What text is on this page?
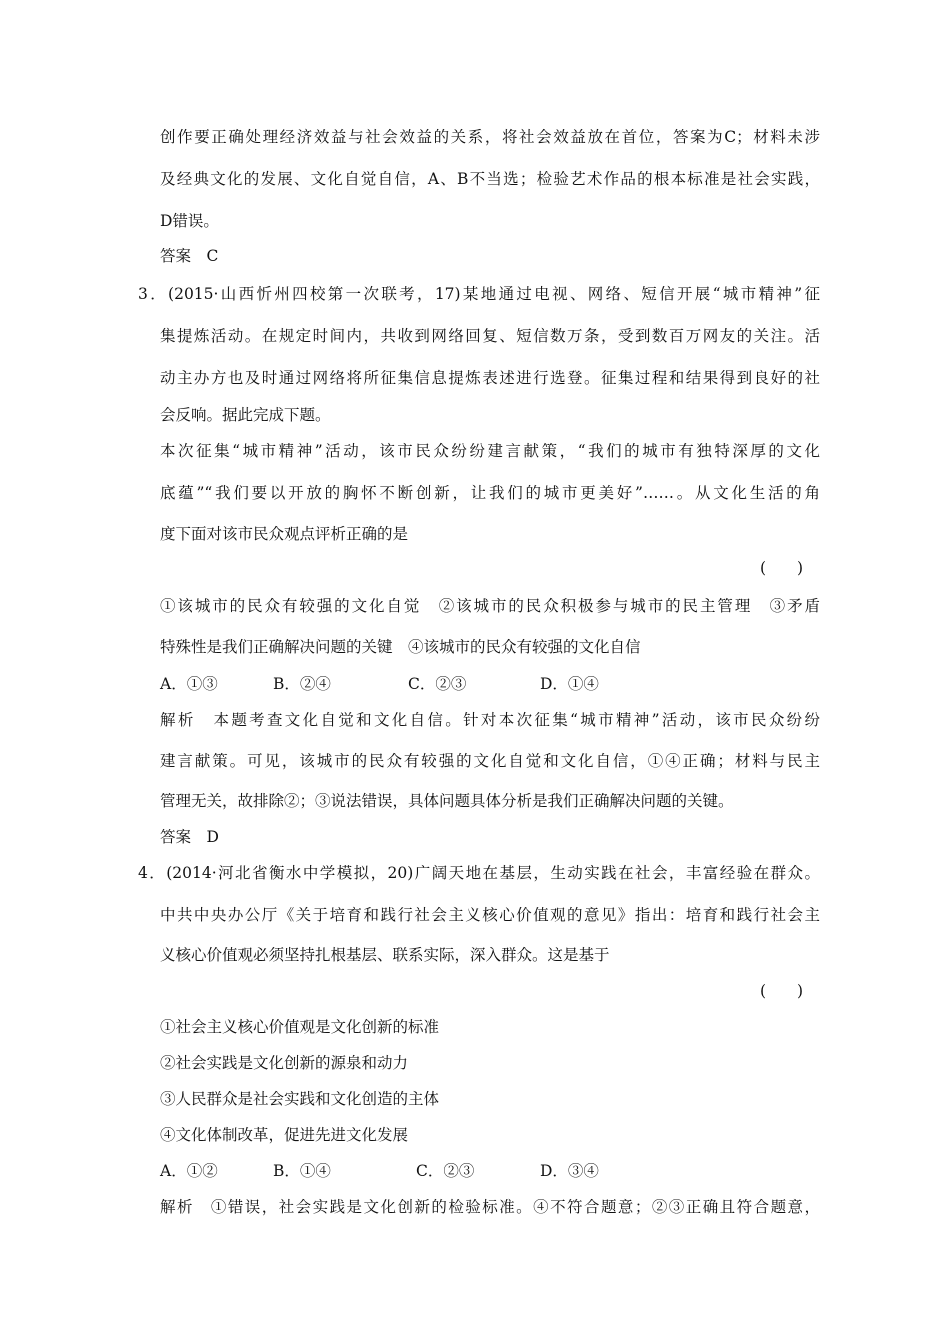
创作要正确处理经济效益与社会效益的关系，将社会效益放在首位，答案为C；材料未涉
及经典文化的发展、文化自觉自信，A、B不当选；检验艺术作品的根本标准是社会实践，
D错误。
答案　C
3．(2015·山西忻州四校第一次联考，17)某地通过电视、网络、短信开展“城市精神”征
集提炼活动。在规定时间内，共收到网络回复、短信数万条，受到数百万网友的关注。活
动主办方也及时通过网络将所征集信息提炼表述进行选登。征集过程和结果得到良好的社
会反响。据此完成下题。
本次征集“城市精神”活动，该市民众纷纷建言献策，“我们的城市有独特深厚的文化
底蕴”“我们要以开放的胸怀不断创新，让我们的城市更美好”……。从文化生活的角
度下面对该市民众观点评析正确的是
(　　)
①该城市的民众有较强的文化自觉　②该城市的民众积极参与城市的民主管理　③矛盾
特殊性是我们正确解决问题的关键　④该城市的民众有较强的文化自信
A．①③	B．②④	C．②③	D．①④
解析　本题考查文化自觉和文化自信。针对本次征集“城市精神”活动，该市民众纷纷
建言献策。可见，该城市的民众有较强的文化自觉和文化自信，①④正确；材料与民主
管理无关，故排除②；③说法错误，具体问题具体分析是我们正确解决问题的关键。
答案　D
4．(2014·河北省衡水中学模拟，20)广阔天地在基层，生动实践在社会，丰富经验在群众。
中共中央办公厅《关于培育和践行社会主义核心价值观的意见》指出：培育和践行社会主
义核心价值观必须坚持扎根基层、联系实际，深入群众。这是基于
(　　)
①社会主义核心价值观是文化创新的标准
②社会实践是文化创新的源泉和动力
③人民群众是社会实践和文化创造的主体
④文化体制改革，促进先进文化发展
A．①②	B．①④	C．②③	D．③④
解析　①错误，社会实践是文化创新的检验标准。④不符合题意；②③正确且符合题意，
